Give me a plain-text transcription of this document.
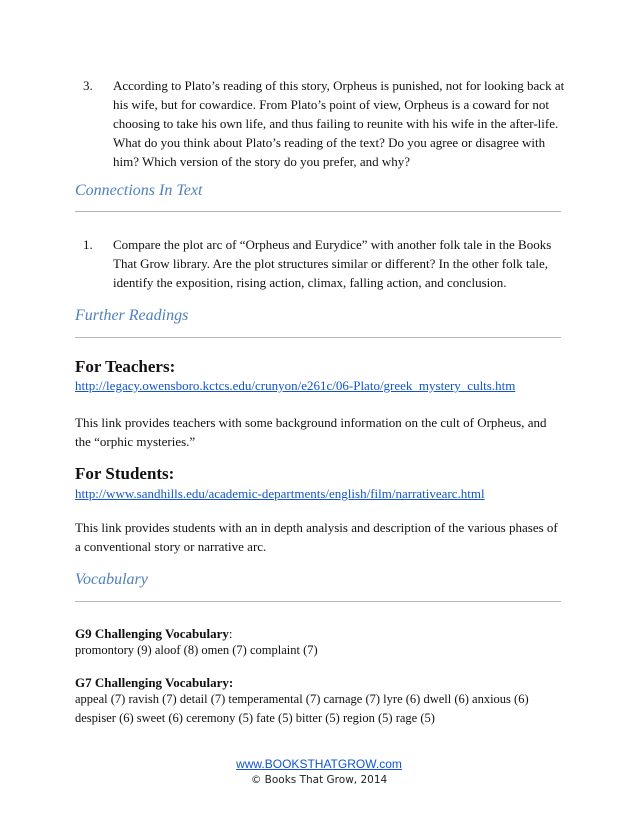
3. According to Plato’s reading of this story, Orpheus is punished, not for looking back at his wife, but for cowardice. From Plato’s point of view, Orpheus is a coward for not choosing to take his own life, and thus failing to reunite with his wife in the after-life. What do you think about Plato’s reading of the text? Do you agree or disagree with him? Which version of the story do you prefer, and why?
Connections In Text
1. Compare the plot arc of “Orpheus and Eurydice” with another folk tale in the Books That Grow library. Are the plot structures similar or different? In the other folk tale, identify the exposition, rising action, climax, falling action, and conclusion.
Further Readings
For Teachers:
http://legacy.owensboro.kctcs.edu/crunyon/e261c/06-Plato/greek_mystery_cults.htm

This link provides teachers with some background information on the cult of Orpheus, and the “orphic mysteries.”

For Students:
http://www.sandhills.edu/academic-departments/english/film/narrativearc.html

This link provides students with an in depth analysis and description of the various phases of a conventional story or narrative arc.

Vocabulary
G9 Challenging Vocabulary:

promontory (9) aloof (8) omen (7) complaint (7)

G7 Challenging Vocabulary:

appeal (7) ravish (7) detail (7) temperamental (7) carnage (7) lyre (6) dwell (6) anxious (6) despiser (6) sweet (6) ceremony (5) fate (5) bitter (5) region (5) rage (5)

www.BOOKSTHATGROW.com
© Books That Grow, 2014
